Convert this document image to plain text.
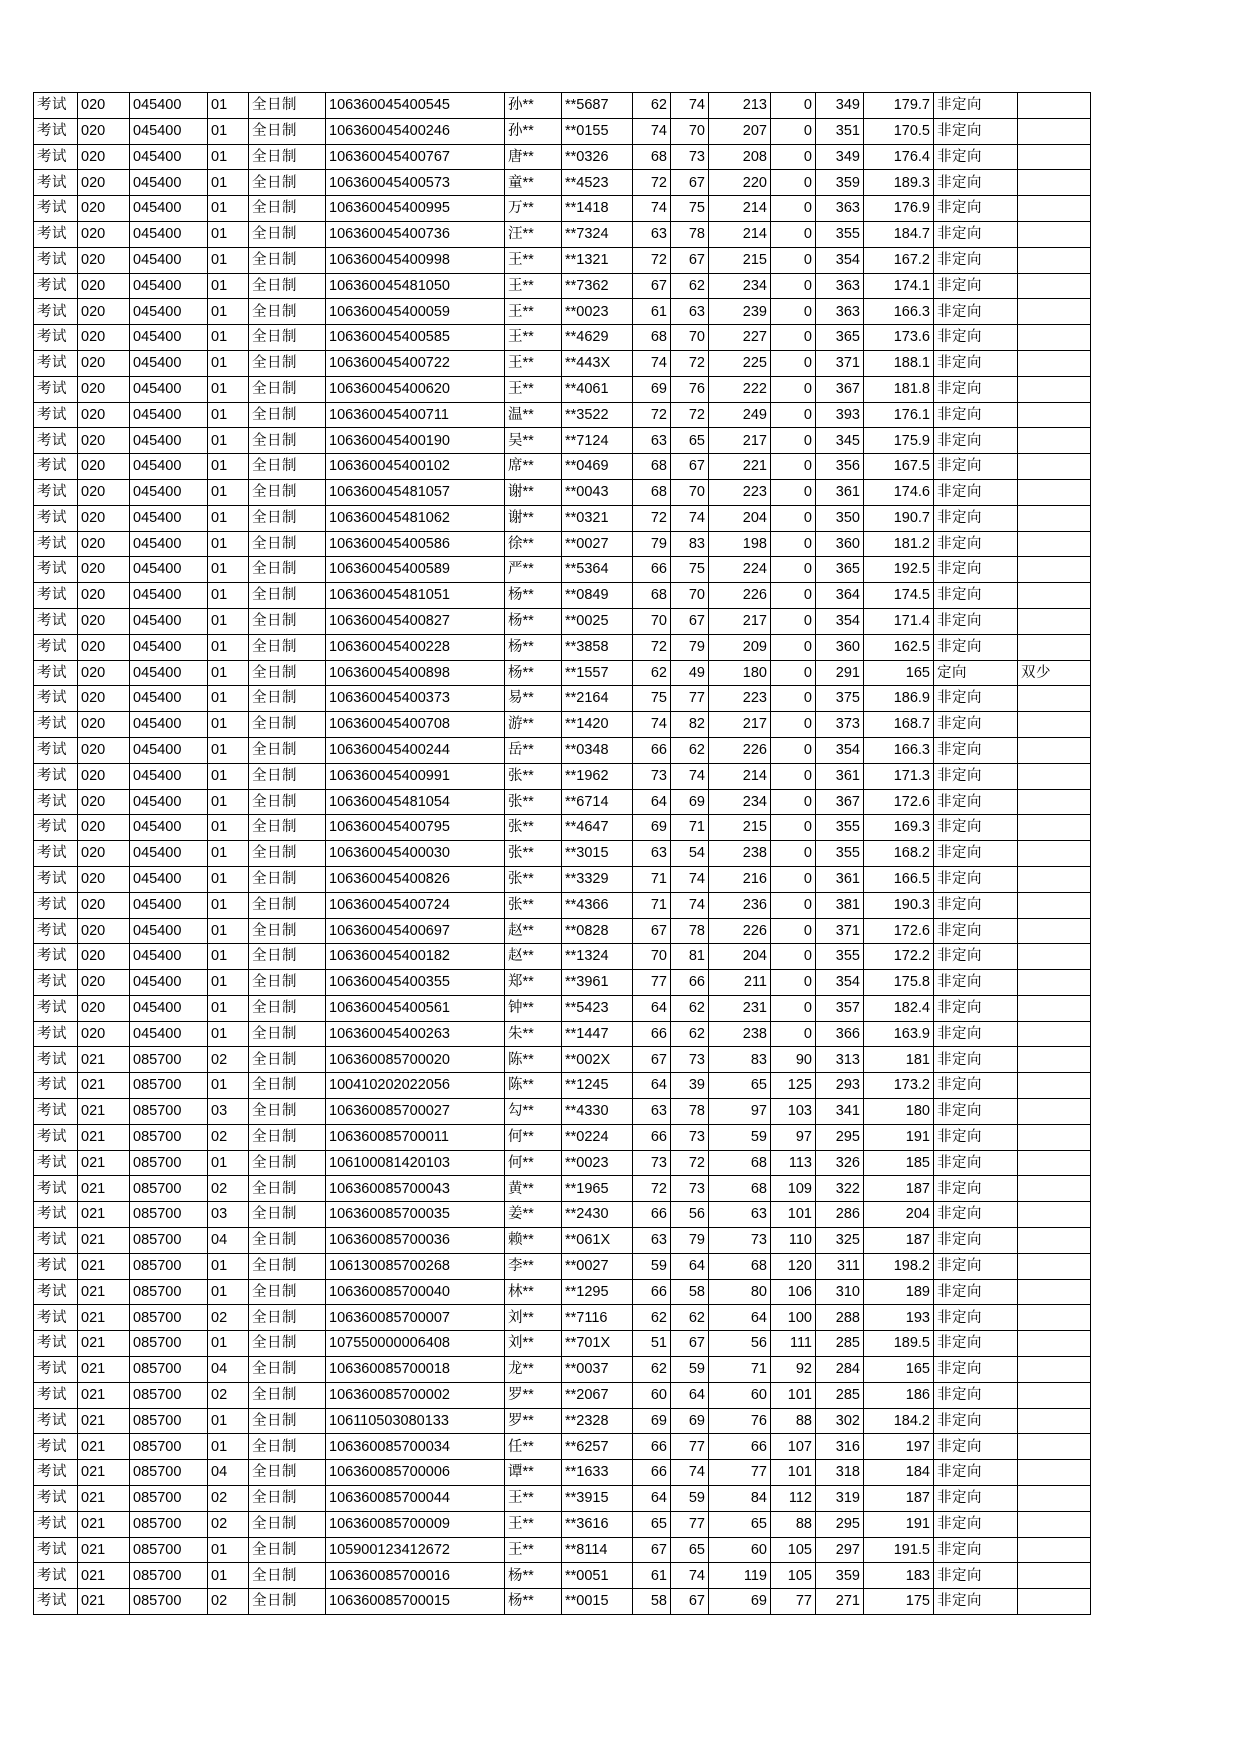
考试	020	045400	01	全日制	106360045400545	孙**	**5687	62	74	213	0	349	179.7	非定向	
考试	020	045400	01	全日制	106360045400246	孙**	**0155	74	70	207	0	351	170.5	非定向	
考试	020	045400	01	全日制	106360045400767	唐**	**0326	68	73	208	0	349	176.4	非定向	
考试	020	045400	01	全日制	106360045400573	童**	**4523	72	67	220	0	359	189.3	非定向	
考试	020	045400	01	全日制	106360045400995	万**	**1418	74	75	214	0	363	176.9	非定向	
考试	020	045400	01	全日制	106360045400736	汪**	**7324	63	78	214	0	355	184.7	非定向	
考试	020	045400	01	全日制	106360045400998	王**	**1321	72	67	215	0	354	167.2	非定向	
考试	020	045400	01	全日制	106360045481050	王**	**7362	67	62	234	0	363	174.1	非定向	
考试	020	045400	01	全日制	106360045400059	王**	**0023	61	63	239	0	363	166.3	非定向	
考试	020	045400	01	全日制	106360045400585	王**	**4629	68	70	227	0	365	173.6	非定向	
考试	020	045400	01	全日制	106360045400722	王**	**443X	74	72	225	0	371	188.1	非定向	
考试	020	045400	01	全日制	106360045400620	王**	**4061	69	76	222	0	367	181.8	非定向	
考试	020	045400	01	全日制	106360045400711	温**	**3522	72	72	249	0	393	176.1	非定向	
考试	020	045400	01	全日制	106360045400190	吴**	**7124	63	65	217	0	345	175.9	非定向	
考试	020	045400	01	全日制	106360045400102	席**	**0469	68	67	221	0	356	167.5	非定向	
考试	020	045400	01	全日制	106360045481057	谢**	**0043	68	70	223	0	361	174.6	非定向	
考试	020	045400	01	全日制	106360045481062	谢**	**0321	72	74	204	0	350	190.7	非定向	
考试	020	045400	01	全日制	106360045400586	徐**	**0027	79	83	198	0	360	181.2	非定向	
考试	020	045400	01	全日制	106360045400589	严**	**5364	66	75	224	0	365	192.5	非定向	
考试	020	045400	01	全日制	106360045481051	杨**	**0849	68	70	226	0	364	174.5	非定向	
考试	020	045400	01	全日制	106360045400827	杨**	**0025	70	67	217	0	354	171.4	非定向	
考试	020	045400	01	全日制	106360045400228	杨**	**3858	72	79	209	0	360	162.5	非定向	
考试	020	045400	01	全日制	106360045400898	杨**	**1557	62	49	180	0	291	165	定向	双少
考试	020	045400	01	全日制	106360045400373	易**	**2164	75	77	223	0	375	186.9	非定向	
考试	020	045400	01	全日制	106360045400708	游**	**1420	74	82	217	0	373	168.7	非定向	
考试	020	045400	01	全日制	106360045400244	岳**	**0348	66	62	226	0	354	166.3	非定向	
考试	020	045400	01	全日制	106360045400991	张**	**1962	73	74	214	0	361	171.3	非定向	
考试	020	045400	01	全日制	106360045481054	张**	**6714	64	69	234	0	367	172.6	非定向	
考试	020	045400	01	全日制	106360045400795	张**	**4647	69	71	215	0	355	169.3	非定向	
考试	020	045400	01	全日制	106360045400030	张**	**3015	63	54	238	0	355	168.2	非定向	
考试	020	045400	01	全日制	106360045400826	张**	**3329	71	74	216	0	361	166.5	非定向	
考试	020	045400	01	全日制	106360045400724	张**	**4366	71	74	236	0	381	190.3	非定向	
考试	020	045400	01	全日制	106360045400697	赵**	**0828	67	78	226	0	371	172.6	非定向	
考试	020	045400	01	全日制	106360045400182	赵**	**1324	70	81	204	0	355	172.2	非定向	
考试	020	045400	01	全日制	106360045400355	郑**	**3961	77	66	211	0	354	175.8	非定向	
考试	020	045400	01	全日制	106360045400561	钟**	**5423	64	62	231	0	357	182.4	非定向	
考试	020	045400	01	全日制	106360045400263	朱**	**1447	66	62	238	0	366	163.9	非定向	
考试	021	085700	02	全日制	106360085700020	陈**	**002X	67	73	83	90	313	181	非定向	
考试	021	085700	01	全日制	100410202022056	陈**	**1245	64	39	65	125	293	173.2	非定向	
考试	021	085700	03	全日制	106360085700027	勾**	**4330	63	78	97	103	341	180	非定向	
考试	021	085700	02	全日制	106360085700011	何**	**0224	66	73	59	97	295	191	非定向	
考试	021	085700	01	全日制	106100081420103	何**	**0023	73	72	68	113	326	185	非定向	
考试	021	085700	02	全日制	106360085700043	黄**	**1965	72	73	68	109	322	187	非定向	
考试	021	085700	03	全日制	106360085700035	姜**	**2430	66	56	63	101	286	204	非定向	
考试	021	085700	04	全日制	106360085700036	赖**	**061X	63	79	73	110	325	187	非定向	
考试	021	085700	01	全日制	106130085700268	李**	**0027	59	64	68	120	311	198.2	非定向	
考试	021	085700	01	全日制	106360085700040	林**	**1295	66	58	80	106	310	189	非定向	
考试	021	085700	02	全日制	106360085700007	刘**	**7116	62	62	64	100	288	193	非定向	
考试	021	085700	01	全日制	107550000006408	刘**	**701X	51	67	56	111	285	189.5	非定向	
考试	021	085700	04	全日制	106360085700018	龙**	**0037	62	59	71	92	284	165	非定向	
考试	021	085700	02	全日制	106360085700002	罗**	**2067	60	64	60	101	285	186	非定向	
考试	021	085700	01	全日制	106110503080133	罗**	**2328	69	69	76	88	302	184.2	非定向	
考试	021	085700	01	全日制	106360085700034	任**	**6257	66	77	66	107	316	197	非定向	
考试	021	085700	04	全日制	106360085700006	谭**	**1633	66	74	77	101	318	184	非定向	
考试	021	085700	02	全日制	106360085700044	王**	**3915	64	59	84	112	319	187	非定向	
考试	021	085700	02	全日制	106360085700009	王**	**3616	65	77	65	88	295	191	非定向	
考试	021	085700	01	全日制	105900123412672	王**	**8114	67	65	60	105	297	191.5	非定向	
考试	021	085700	01	全日制	106360085700016	杨**	**0051	61	74	119	105	359	183	非定向	
考试	021	085700	02	全日制	106360085700015	杨**	**0015	58	67	69	77	271	175	非定向	
